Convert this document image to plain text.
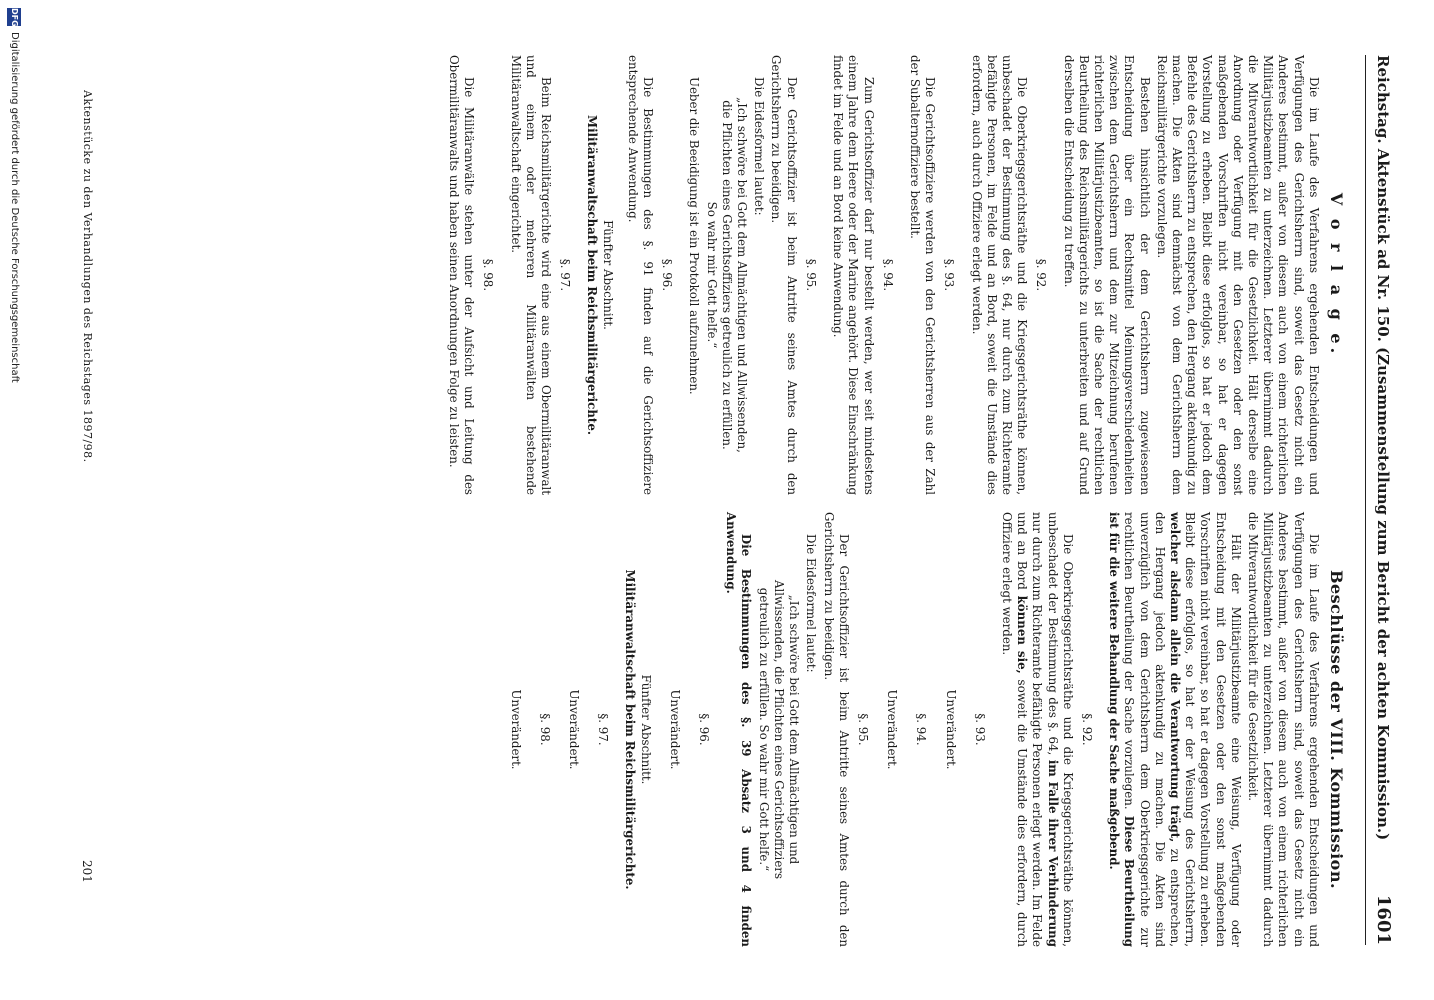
Reichstag. Aktenstück ad Nr. 150. (Zusammenstellung zum Bericht der achten Kommission.)
1601
V o r l a g e.

Die im Laufe des Verfahrens ergehenden Entscheidungen und Verfügungen des Gerichtsherrn sind, soweit das Gesetz nicht ein Anderes bestimmt, außer von diesem auch von einem richterlichen Militärjustizbeamten zu unterzeichnen. Letzterer übernimmt dadurch die Mitverantwortlichkeit für die Gesetzlichkeit. Hält derselbe eine Anordnung oder Verfügung mit den Gesetzen oder den sonst maßgebenden Vorschriften nicht vereinbar, so hat er dagegen Vorstellung zu erheben. Bleibt diese erfolglos, so hat er jedoch dem Befehle des Gerichtsherrn zu entsprechen, den Hergang aktenkundig zu machen. Die Akten sind demnächst von dem Gerichtsherrn dem Reichsmilitärgerichte vorzulegen.

Bestehen hinsichtlich der dem Gerichtsherrn zugewiesenen Entscheidung über ein Rechtsmittel Meinungsverschiedenheiten zwischen dem Gerichtsherrn und dem zur Mitzeichnung berufenen richterlichen Militärjustizbeamten, so ist die Sache der rechtlichen Beurtheilung des Reichsmilitärgerichts zu unterbreiten und auf Grund derselben die Entscheidung zu treffen.

§. 92.

Die Oberkriegsgerichtsräthe und die Kriegsgerichtsräthe können, unbeschadet der Bestimmung des §. 64, nur durch zum Richteramte befähigte Personen, im Felde und an Bord, soweit die Umstände dies erfordern, auch durch Offiziere erlegt werden.

§. 93.

Die Gerichtsoffiziere werden von den Gerichtsherren aus der Zahl der Subalternoffiziere bestellt.

§. 94.

Zum Gerichtsoffizier darf nur bestellt werden, wer seit mindestens einem Jahre dem Heere oder der Marine angehört. Diese Einschränkung findet im Felde und an Bord keine Anwendung.

§. 95.

Der Gerichtsoffizier ist beim Antritte seines Amtes durch den Gerichtsherrn zu beeidigen.

Die Eidesformel lautet:

„Ich schwöre bei Gott dem Allmächtigen und Allwissenden, die Pflichten eines Gerichtsoffiziers getreulich zu erfüllen. So wahr mir Gott helfe.“

Ueber die Beeidigung ist ein Protokoll aufzunehmen.

§. 96.

Die Bestimmungen des §. 91 finden auf die Gerichtsoffiziere entsprechende Anwendung.

Fünfter Abschnitt.
Militäranwaltschaft beim Reichsmilitärgerichte.
§. 97.

Beim Reichsmilitärgerichte wird eine aus einem Obermilitäranwalt und einem oder mehreren Militäranwälten bestehende Militäranwaltschaft eingerichtet.

§. 98.

Die Militäranwälte stehen unter der Aufsicht und Leitung des Obermilitäranwalts und haben seinen Anordnungen Folge zu leisten.

Beschlüsse der VIII. Kommission.

Die im Laufe des Verfahrens ergehenden Entscheidungen und Verfügungen des Gerichtsherrn sind, soweit das Gesetz nicht ein Anderes bestimmt, außer von diesem auch von einem richterlichen Militärjustizbeamten zu unterzeichnen. Letzterer übernimmt dadurch die Mitverantwortlichkeit für die Gesetzlichkeit.

Hält der Militärjustizbeamte eine Weisung, Verfügung oder Entscheidung mit den Gesetzen oder den sonst maßgebenden Vorschriften nicht vereinbar, so hat er dagegen Vorstellung zu erheben. Bleibt diese erfolglos, so hat er der Weisung des Gerichtsherrn, welcher alsdann allein die Verantwortung trägt, zu entsprechen, den Hergang jedoch aktenkundig zu machen. Die Akten sind unverzüglich von dem Gerichtsherrn dem Oberkriegsgerichte zur rechtlichen Beurtheilung der Sache vorzulegen. Diese Beurtheilung ist für die weitere Behandlung der Sache maßgebend.

§. 92.

Die Oberkriegsgerichtsräthe und die Kriegsgerichtsräthe können, unbeschadet der Bestimmung des §. 64, im Falle ihrer Verhinderung nur durch zum Richteramte befähigte Personen erlegt werden. Im Felde und an Bord können sie, soweit die Umstände dies erfordern, durch Offiziere erlegt werden.

§. 93.
Unverändert.
§. 94.
Unverändert.
§. 95.

Der Gerichtsoffizier ist beim Antritte seines Amtes durch den Gerichtsherrn zu beeidigen.

Die Eidesformel lautet:

„Ich schwöre bei Gott dem Allmächtigen und Allwissenden, die Pflichten eines Gerichtsoffiziers getreulich zu erfüllen. So wahr mir Gott helfe.“

Die Bestimmungen des §. 39 Absatz 3 und 4 finden Anwendung.

§. 96.
Unverändert.
Fünfter Abschnitt.
Militäranwaltschaft beim Reichsmilitärgerichte.
§. 97.
Unverändert.
§. 98.
Unverändert.
Aktenstücke zu den Verhandlungen des Reichstages 1897/98.
201
DFG
Digitalisierung gefördert durch die Deutsche Forschungsgemeinschaft
